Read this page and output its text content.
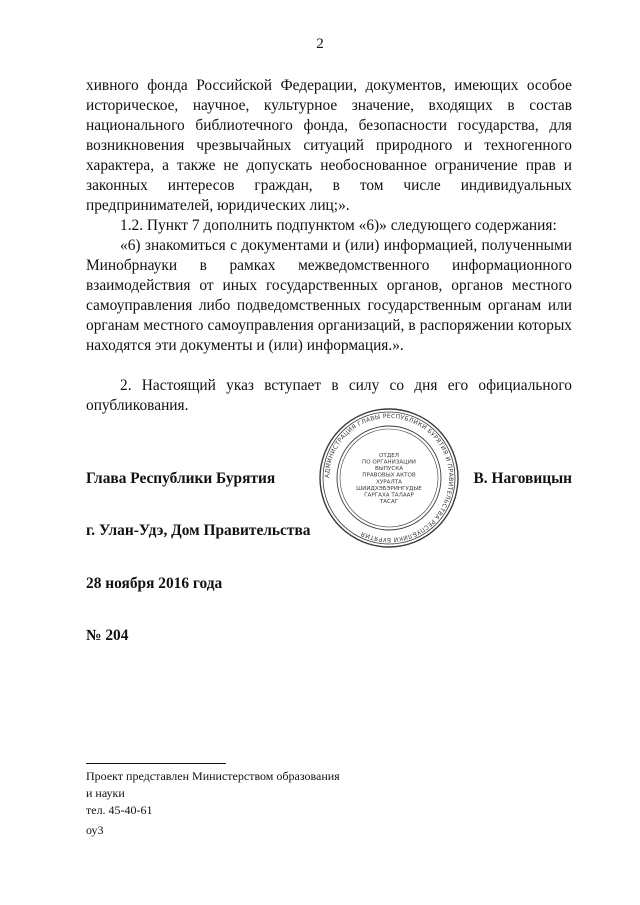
2

хивного фонда Российской Федерации, документов, имеющих особое историческое, научное, культурное значение, входящих в состав национального библиотечного фонда, безопасности государства, для возникновения чрезвычайных ситуаций природного и техногенного характера, а также не допускать необоснованное ограничение прав и законных интересов граждан, в том числе индивидуальных предпринимателей, юридических лиц;».

1.2. Пункт 7 дополнить подпунктом «6)» следующего содержания:

«6) знакомиться с документами и (или) информацией, полученными Минобрнауки в рамках межведомственного информационного взаимодействия от иных государственных органов, органов местного самоуправления либо подведомственных государственным органам или органам местного самоуправления организаций, в распоряжении которых находятся эти документы и (или) информация.».

2. Настоящий указ вступает в силу со дня его официального опубликования.

Глава Республики Бурятия	В. Наговицын
АДМИНИСТРАЦИЯ ГЛАВЫ РЕСПУБЛИКИ БУРЯТИЯ И ПРАВИТЕЛЬСТВА РЕСПУБЛИКИ БУРЯТИЯ
ОТДЕЛ
ПО ОРГАНИЗАЦИИ
ВЫПУСКА
ПРАВОВЫХ АКТОВ
ХУРАЛТА
ШИИДХЭБЭРИНГУДЫЕ
ГАРГАХА ТАЛААР
ТАСАГ
г. Улан-Удэ, Дом Правительства
28 ноября 2016 года
№ 204

Проект представлен Министерством образования

и науки

тел. 45-40-61

оу3
